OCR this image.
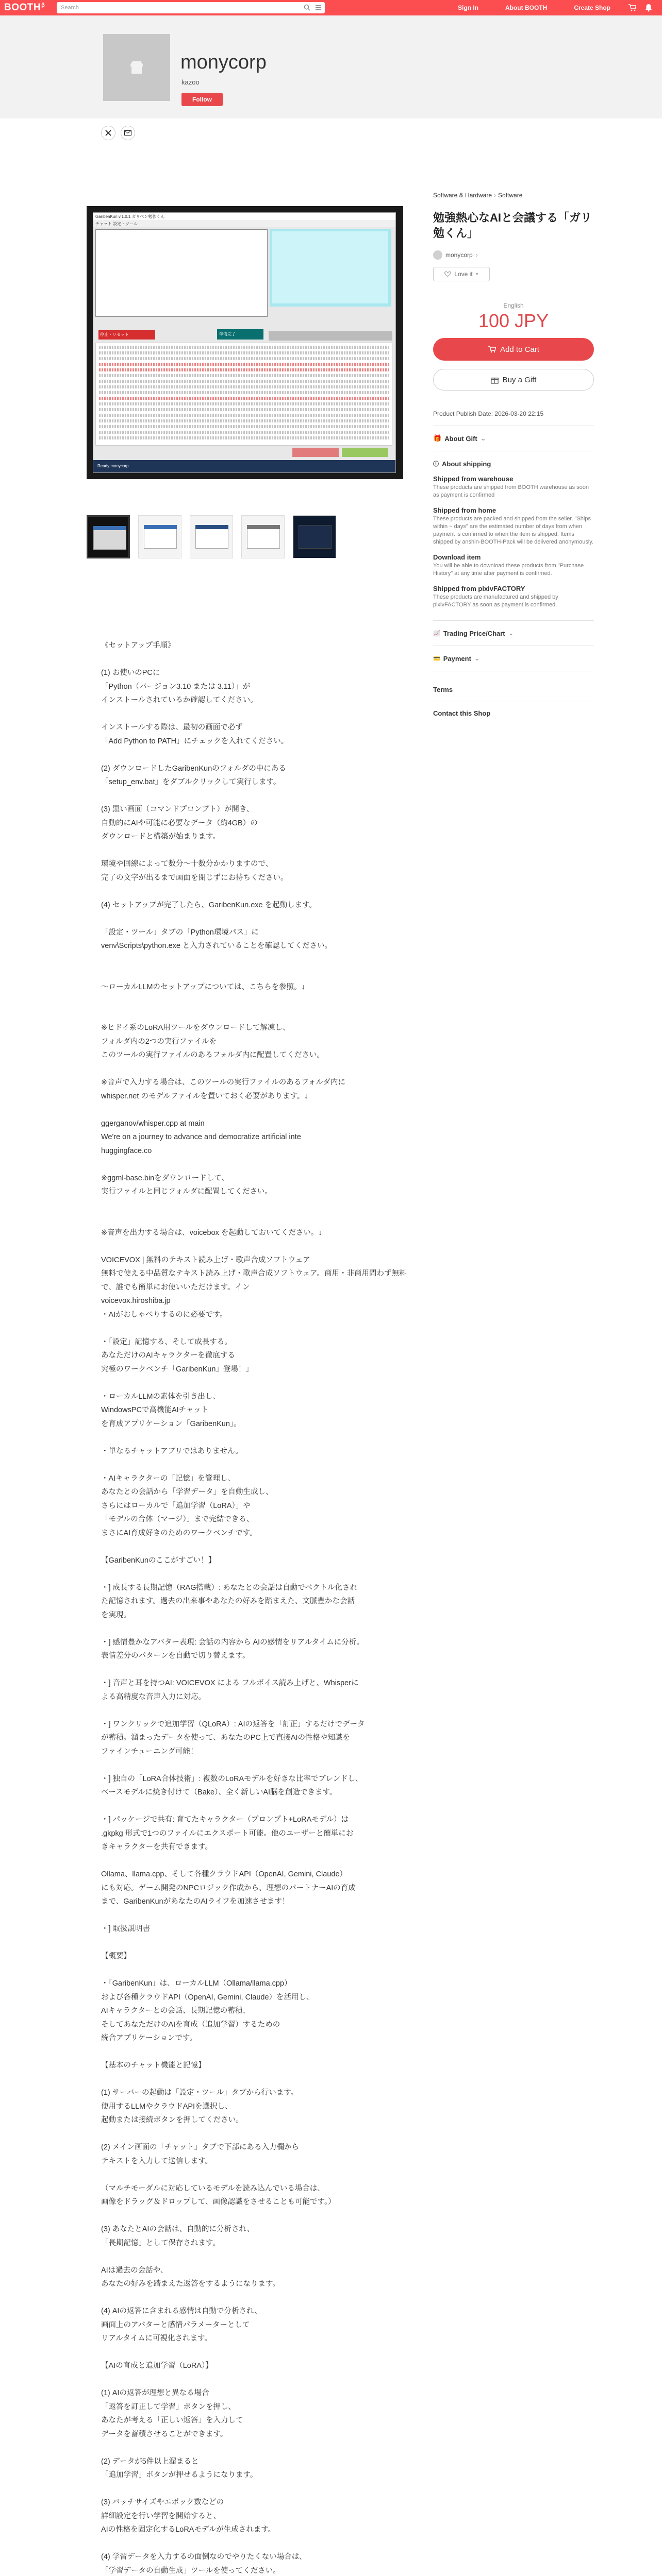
$BOOTH^\beta$	Search	Sign In	About BOOTH	Create Shop
monycorp
kazoo
Follow
GaribenKun v.1.0.1 ガリベン勉強くん
チャット 設定・ツール
停止・リセット	準備完了
Ready monycorp
《セットアップ手順》

(1) お使いのPCに
「Python（バージョン3.10 または 3.11）」が
インストールされているか確認してください。

インストールする際は、最初の画面で必ず
「Add Python to PATH」にチェックを入れてください。

(2) ダウンロードしたGaribenKunのフォルダの中にある
「setup_env.bat」をダブルクリックして実行します。

(3) 黒い画面（コマンドプロンプト）が開き、
自動的にAIや可能に必要なデータ（約4GB）の
ダウンロードと構築が始まります。

環境や回線によって数分〜十数分かかりますので、
完了の文字が出るまで画面を閉じずにお待ちください。

(4) セットアップが完了したら、GaribenKun.exe を起動します。

「設定・ツール」タブの「Python環境パス」に
venv\Scripts\python.exe と入力されていることを確認してください。

～ローカルLLMのセットアップについては、こちらを参照。↓

※ヒドイ系のLoRA用ツールをダウンロードして解凍し、
フォルダ内の2つの実行ファイルを
このツールの実行ファイルのあるフォルダ内に配置してください。

※音声で入力する場合は、このツールの実行ファイルのあるフォルダ内に
whisper.net のモデルファイルを置いておく必要があります。↓

ggerganov/whisper.cpp at main
We're on a journey to advance and democratize artificial inte
huggingface.co

※ggml-base.binをダウンロードして、
実行ファイルと同じフォルダに配置してください。

※音声を出力する場合は、voicebox を起動しておいてください。↓

VOICEVOX | 無料のテキスト読み上げ・歌声合成ソフトウェア
無料で使える中品質なテキスト読み上げ・歌声合成ソフトウェア。商用・非商用問わず無料で、誰でも簡単にお使いいただけます。イン
voicevox.hiroshiba.jp
・AIがおしゃべりするのに必要です。

・「設定」記憶する、そして成長する。
あなただけのAIキャラクターを徹底する
究極のワークベンチ「GaribenKun」登場！」

・ローカルLLMの素体を引き出し、
WindowsPCで高機能AIチャット
を育成アプリケーション「GaribenKun」。

・単なるチャットアプリではありません。

・AIキャラクターの「記憶」を管理し、
あなたとの会話から「学習データ」を自動生成し、
さらにはローカルで「追加学習（LoRA）」や
「モデルの合体（マージ）」まで完結できる、
まさにAI育成好きのためのワークベンチです。

【GaribenKunのここがすごい！】

・] 成長する長期記憶（RAG搭載）: あなたとの会話は自動でベクトル化され
た記憶されます。過去の出来事やあなたの好みを踏まえた、文脈豊かな会話
を実現。

・] 感情豊かなアバター表現: 会話の内容から AIの感情をリアルタイムに分析。
表情差分のパターンを自動で切り替えます。

・] 音声と耳を持つAI: VOICEVOX による フルボイス読み上げと、Whisperに
よる高精度な音声入力に対応。

・] ワンクリックで追加学習（QLoRA）: AIの返答を「訂正」するだけでデータ
が蓄積。溜まったデータを使って、あなたのPC上で直接AIの性格や知識を
ファインチューニング可能！

・] 独自の「LoRA合体技術」: 複数のLoRAモデルを好きな比率でブレンドし、
ベースモデルに焼き付けて（Bake）、全く新しいAI脳を創造できます。

・] パッケージで共有: 育てたキャラクター（プロンプト+LoRAモデル）は
.gkpkg 形式で1つのファイルにエクスポート可能。他のユーザーと簡単にお
きキャラクターを共有できます。

Ollama、llama.cpp、そして各種クラウドAPI（OpenAI, Gemini, Claude）
にも対応。ゲーム開発のNPCロジック作成から、理想のパートナーAIの育成
まで、GaribenKunがあなたのAIライフを加速させます！

・] 取扱説明書

【概要】

・「GaribenKun」は、ローカルLLM（Ollama/llama.cpp）
および各種クラウドAPI（OpenAI, Gemini, Claude）を活用し、
AIキャラクターとの会話、長期記憶の蓄積、
そしてあなただけのAIを育成（追加学習）するための
統合アプリケーションです。

【基本のチャット機能と記憶】

(1) サーバーの起動は「設定・ツール」タブから行います。
使用するLLMやクラウドAPIを選択し、
起動または接続ボタンを押してください。

(2) メイン画面の「チャット」タブで下部にある入力欄から
テキストを入力して送信します。

（マルチモーダルに対応しているモデルを読み込んでいる場合は、
画像をドラッグ＆ドロップして、画像認識をさせることも可能です。）

(3) あなたとAIの会話は、自動的に分析され、
「長期記憶」として保存されます。

AIは過去の会話や、
あなたの好みを踏まえた返答をするようになります。

(4) AIの返答に含まれる感情は自動で分析され、
画面上のアバターと感情パラメーターとして
リアルタイムに可視化されます。

【AIの育成と追加学習（LoRA）】

(1) AIの返答が理想と異なる場合
「返答を訂正して学習」ボタンを押し、
あなたが考える「正しい返答」を入力して
データを蓄積させることができます。

(2) データが5件以上溜まると
「追加学習」ボタンが押せるようになります。

(3) バッチサイズやエポック数などの
詳細設定を行い学習を開始すると、
AIの性格を固定化するLoRAモデルが生成されます。

(4) 学習データを入力するの面倒なのでやりたくない場合は、
「学習データの自動生成」ツールを使ってください。

Software & Hardware › Software
勉強熱心なAIと会議する「ガリ勉くん」
monycorp ›
Love it ▾
English
100 JPY
Add to Cart
Buy a Gift
Product Publish Date: 2026-03-20 22:15
🎁 About Gift ⌄
ⓘ About shipping
Shipped from warehouse

These products are shipped from BOOTH warehouse as soon as payment is confirmed

Shipped from home

These products are packed and shipped from the seller. "Ships within ~ days" are the estimated number of days from when payment is confirmed to when the item is shipped. Items shipped by anshin-BOOTH-Pack will be delivered anonymously.

Download item

You will be able to download these products from "Purchase History" at any time after payment is confirmed.

Shipped from pixivFACTORY

These products are manufactured and shipped by pixivFACTORY as soon as payment is confirmed.

📈 Trading Price/Chart ⌄
💳 Payment ⌄
Terms
Contact this Shop
